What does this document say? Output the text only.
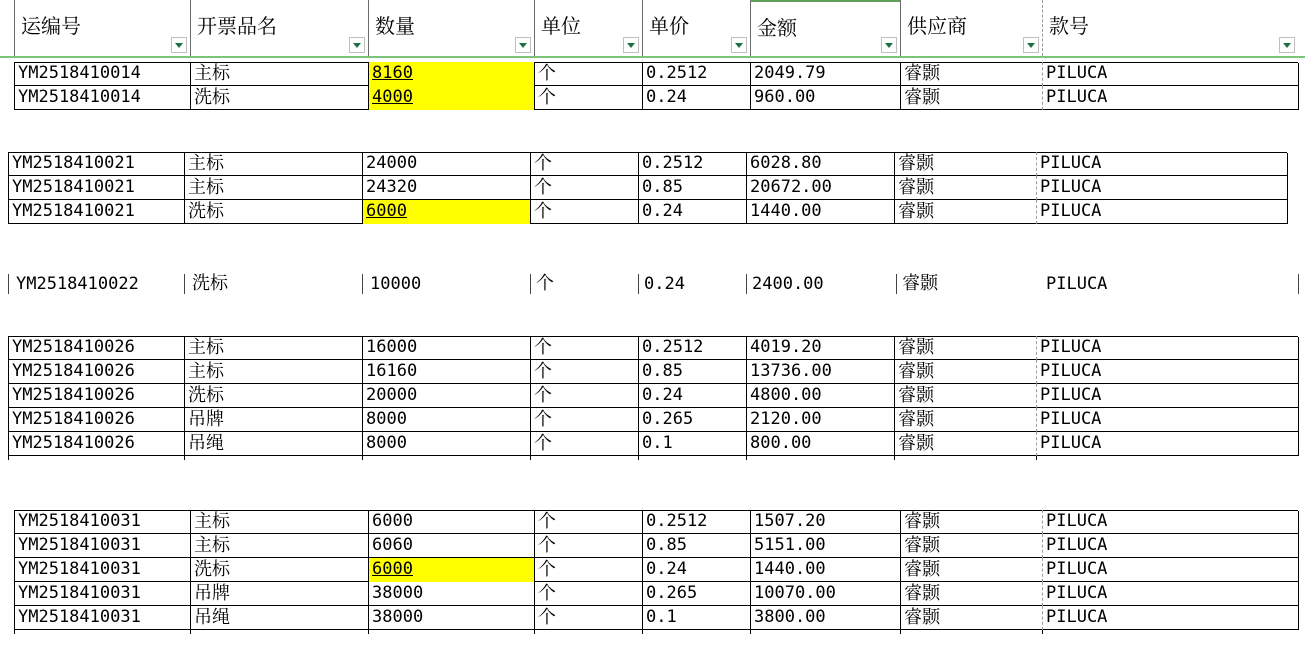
运编号	开票品名	数量	单位	单价	金额	供应商	款号
YM2518410014	主标	8160	个	0.2512	2049.79	睿颢	PILUCA
YM2518410014	洗标	4000	个	0.24	960.00	睿颢	PILUCA
YM2518410021	主标	24000	个	0.2512	6028.80	睿颢	PILUCA
YM2518410021	主标	24320	个	0.85	20672.00	睿颢	PILUCA
YM2518410021	洗标	6000	个	0.24	1440.00	睿颢	PILUCA
YM2518410022	洗标	10000	个	0.24	2400.00	睿颢	PILUCA
YM2518410026	主标	16000	个	0.2512	4019.20	睿颢	PILUCA
YM2518410026	主标	16160	个	0.85	13736.00	睿颢	PILUCA
YM2518410026	洗标	20000	个	0.24	4800.00	睿颢	PILUCA
YM2518410026	吊牌	8000	个	0.265	2120.00	睿颢	PILUCA
YM2518410026	吊绳	8000	个	0.1	800.00	睿颢	PILUCA
YM2518410031	主标	6000	个	0.2512	1507.20	睿颢	PILUCA
YM2518410031	主标	6060	个	0.85	5151.00	睿颢	PILUCA
YM2518410031	洗标	6000	个	0.24	1440.00	睿颢	PILUCA
YM2518410031	吊牌	38000	个	0.265	10070.00	睿颢	PILUCA
YM2518410031	吊绳	38000	个	0.1	3800.00	睿颢	PILUCA
